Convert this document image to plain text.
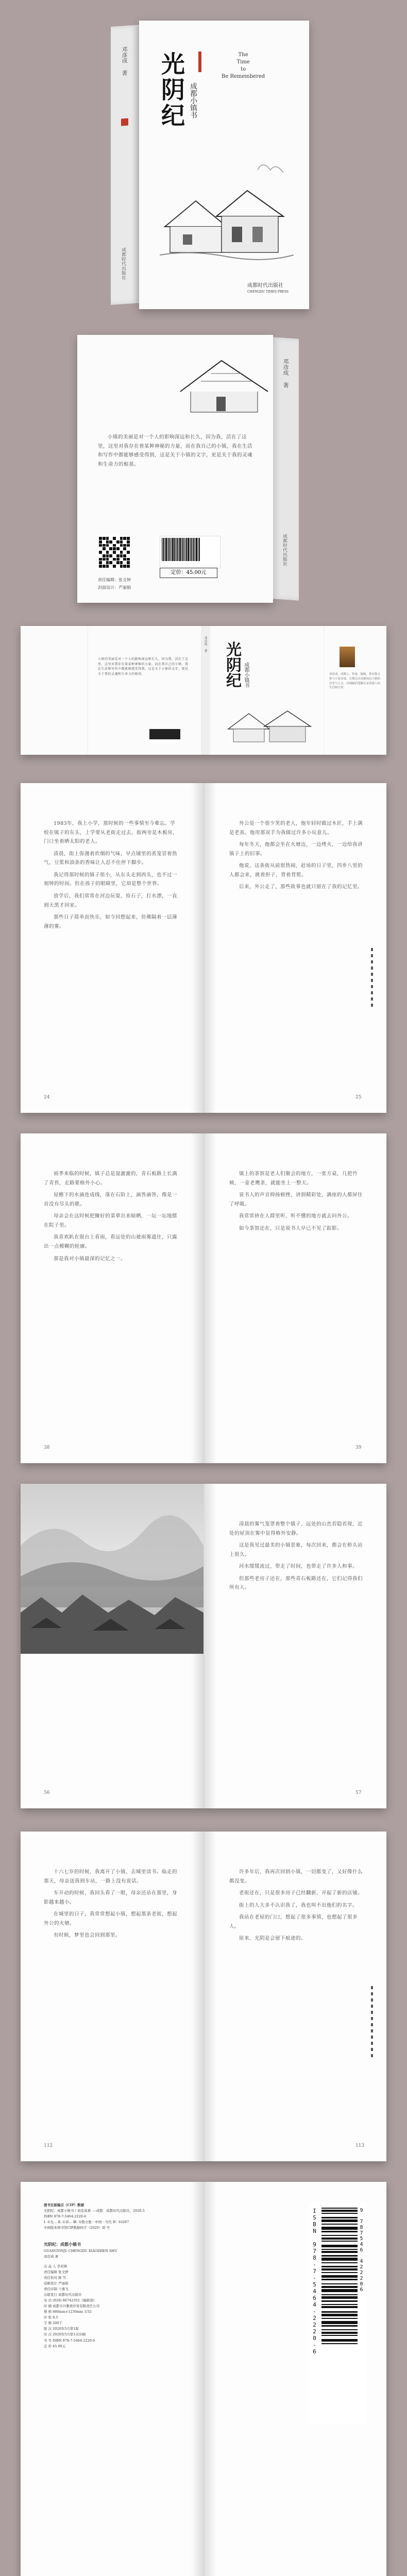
邓彦成 著
成都时代出版社
The
Time
to
Be Remembered
光阴纪 成都小镇书
成都时代出版社
CHENGDU TIMES PRESS

小镇的美丽是对一个人的影响深远和长久，因为我，活在了这里，这里对我存在着某种神秘的力量，而在我自己的小镇，我在生活和写作中都能够感受得到，这是关于小镇的文字，更是关于我的灵魂和生命力的根基。

责任编辑：张文婷
封面设计：严丽娟
定价：45.00元
邓彦成 著
成都时代出版社
小镇的美丽是对一个人的影响深远和长久，因为我，活在了这里，这里对我存在着某种神秘的力量，而在我自己的小镇，我在生活和写作中都能够感受得到，这是关于小镇的文字，更是关于我的灵魂和生命力的根基。
邓彦成 著 光阴纪 成都小镇书	邓彦成，成都人，作家、编辑，著有散文集与小说多部。长期关注成都周边小镇的历史与人文，以细腻的笔触记录普通人的生活和日常。

1983年，我上小学，那时候的一些事情至今难忘。学校在镇子的东头，上学要从老街走过去，街两旁是木板房，门口坐着晒太阳的老人。

清晨，街上弥漫着炊烟的气味，早点铺里的蒸笼冒着热气，豆浆和油条的香味让人忍不住停下脚步。

我记得那时候的镇子很小，从东头走到西头，也不过一刻钟的时间。但在孩子的眼睛里，它却是整个世界。

放学后，我们常常在河边玩耍，捡石子，打水漂，一直到天黑才回家。

那些日子简单而快乐，如今回想起来，仿佛隔着一层薄薄的雾。

外公是一个很少笑的老人，他年轻时做过木匠，手上满是老茧。他用那双手为我做过许多小玩意儿。

每年冬天，他都会坐在火塘边，一边烤火，一边给我讲镇子上的旧事。

他说，这条街从前很热闹，赶场的日子里，四乡八里的人都会来，挑着担子，背着背篼。

后来，外公走了，那些故事也就只留在了我的记忆里。

24	25

雨季来临的时候，镇子总是湿漉漉的，青石板路上长满了青苔，走路要格外小心。

屋檐下的水滴连成线，落在石阶上，滴答滴答，像是一首没有尽头的歌。

母亲会在这时候把腌好的菜拿出来晾晒，一坛一坛地摆在院子里。

我喜欢趴在窗台上看雨，看远处的山被雨雾遮住，只露出一点模糊的轮廓。

那是我对小镇最深的记忆之一。

镇上的茶馆是老人们聚会的地方，一张方桌，几把竹椅，一壶老鹰茶，就能坐上一整天。

说书人的声音抑扬顿挫，讲到精彩处，满座的人都屏住了呼吸。

我常常挤在人群里听，听不懂的地方就去问外公。

如今茶馆还在，只是说书人早已不见了踪影。

38	39

清晨的雾气笼罩着整个镇子，远处的山峦若隐若现，近处的屋顶在雾中显得格外安静。

这是我见过最美的小镇景象，每次回来，都会在桥头站上很久。

河水缓缓流过，带走了时间，也带走了许多人和事。

但那些老房子还在，那些青石板路还在，它们记得我们所有人。

56	57

十六七岁的时候，我离开了小镇，去城里读书。临走的那天，母亲送我到车站，一路上没有说话。

车开动的时候，我回头看了一眼，母亲还站在那里，身影越来越小。

在城里的日子，我常常想起小镇，想起那条老街，想起外公的火塘。

有时候，梦里也会回到那里。

许多年后，我再次回到小镇，一切都变了，又好像什么都没变。

老街还在，只是很多房子已经翻新，开起了新的店铺。

街上的人大多不认识我了，我也叫不出他们的名字。

我站在老屋的门口，想起了很多事情，也想起了很多人。

原来，光阴是会留下痕迹的。

112	113
图书在版编目（CIP）数据
光阴纪：成都小镇书 / 邓彦成著. —成都：成都时代出版社，2020.5
ISBN 978-7-5464-2220-6
Ⅰ. ①光… Ⅱ. ①邓… Ⅲ. ①散文集－中国－当代 Ⅳ. ①I267
中国版本图书馆CIP数据核字（2020）第 号
光阴纪：成都小镇书
GUANGYINJI: CHENGDU XIAOZHEN SHU
邓彦成 著
出 品 人 李若锋
责任编辑 张文婷
责任校对 陈 雪
装帧设计 严丽娟
责任印制 干燕飞
出版发行 成都时代出版社
电 话 (028) 86742352（编辑部）
印 刷 成都市兴雅致印务有限责任公司
规 格 880mm×1230mm 1/32
印 张 8.5
字 数 200千
版 次 2020年5月第1版
印 次 2020年5月第1次印刷
书 号 ISBN 978-7-5464-2220-6
定 价 45.00元	ISBN 978-7-5464-2220-6	9 787546 422206
